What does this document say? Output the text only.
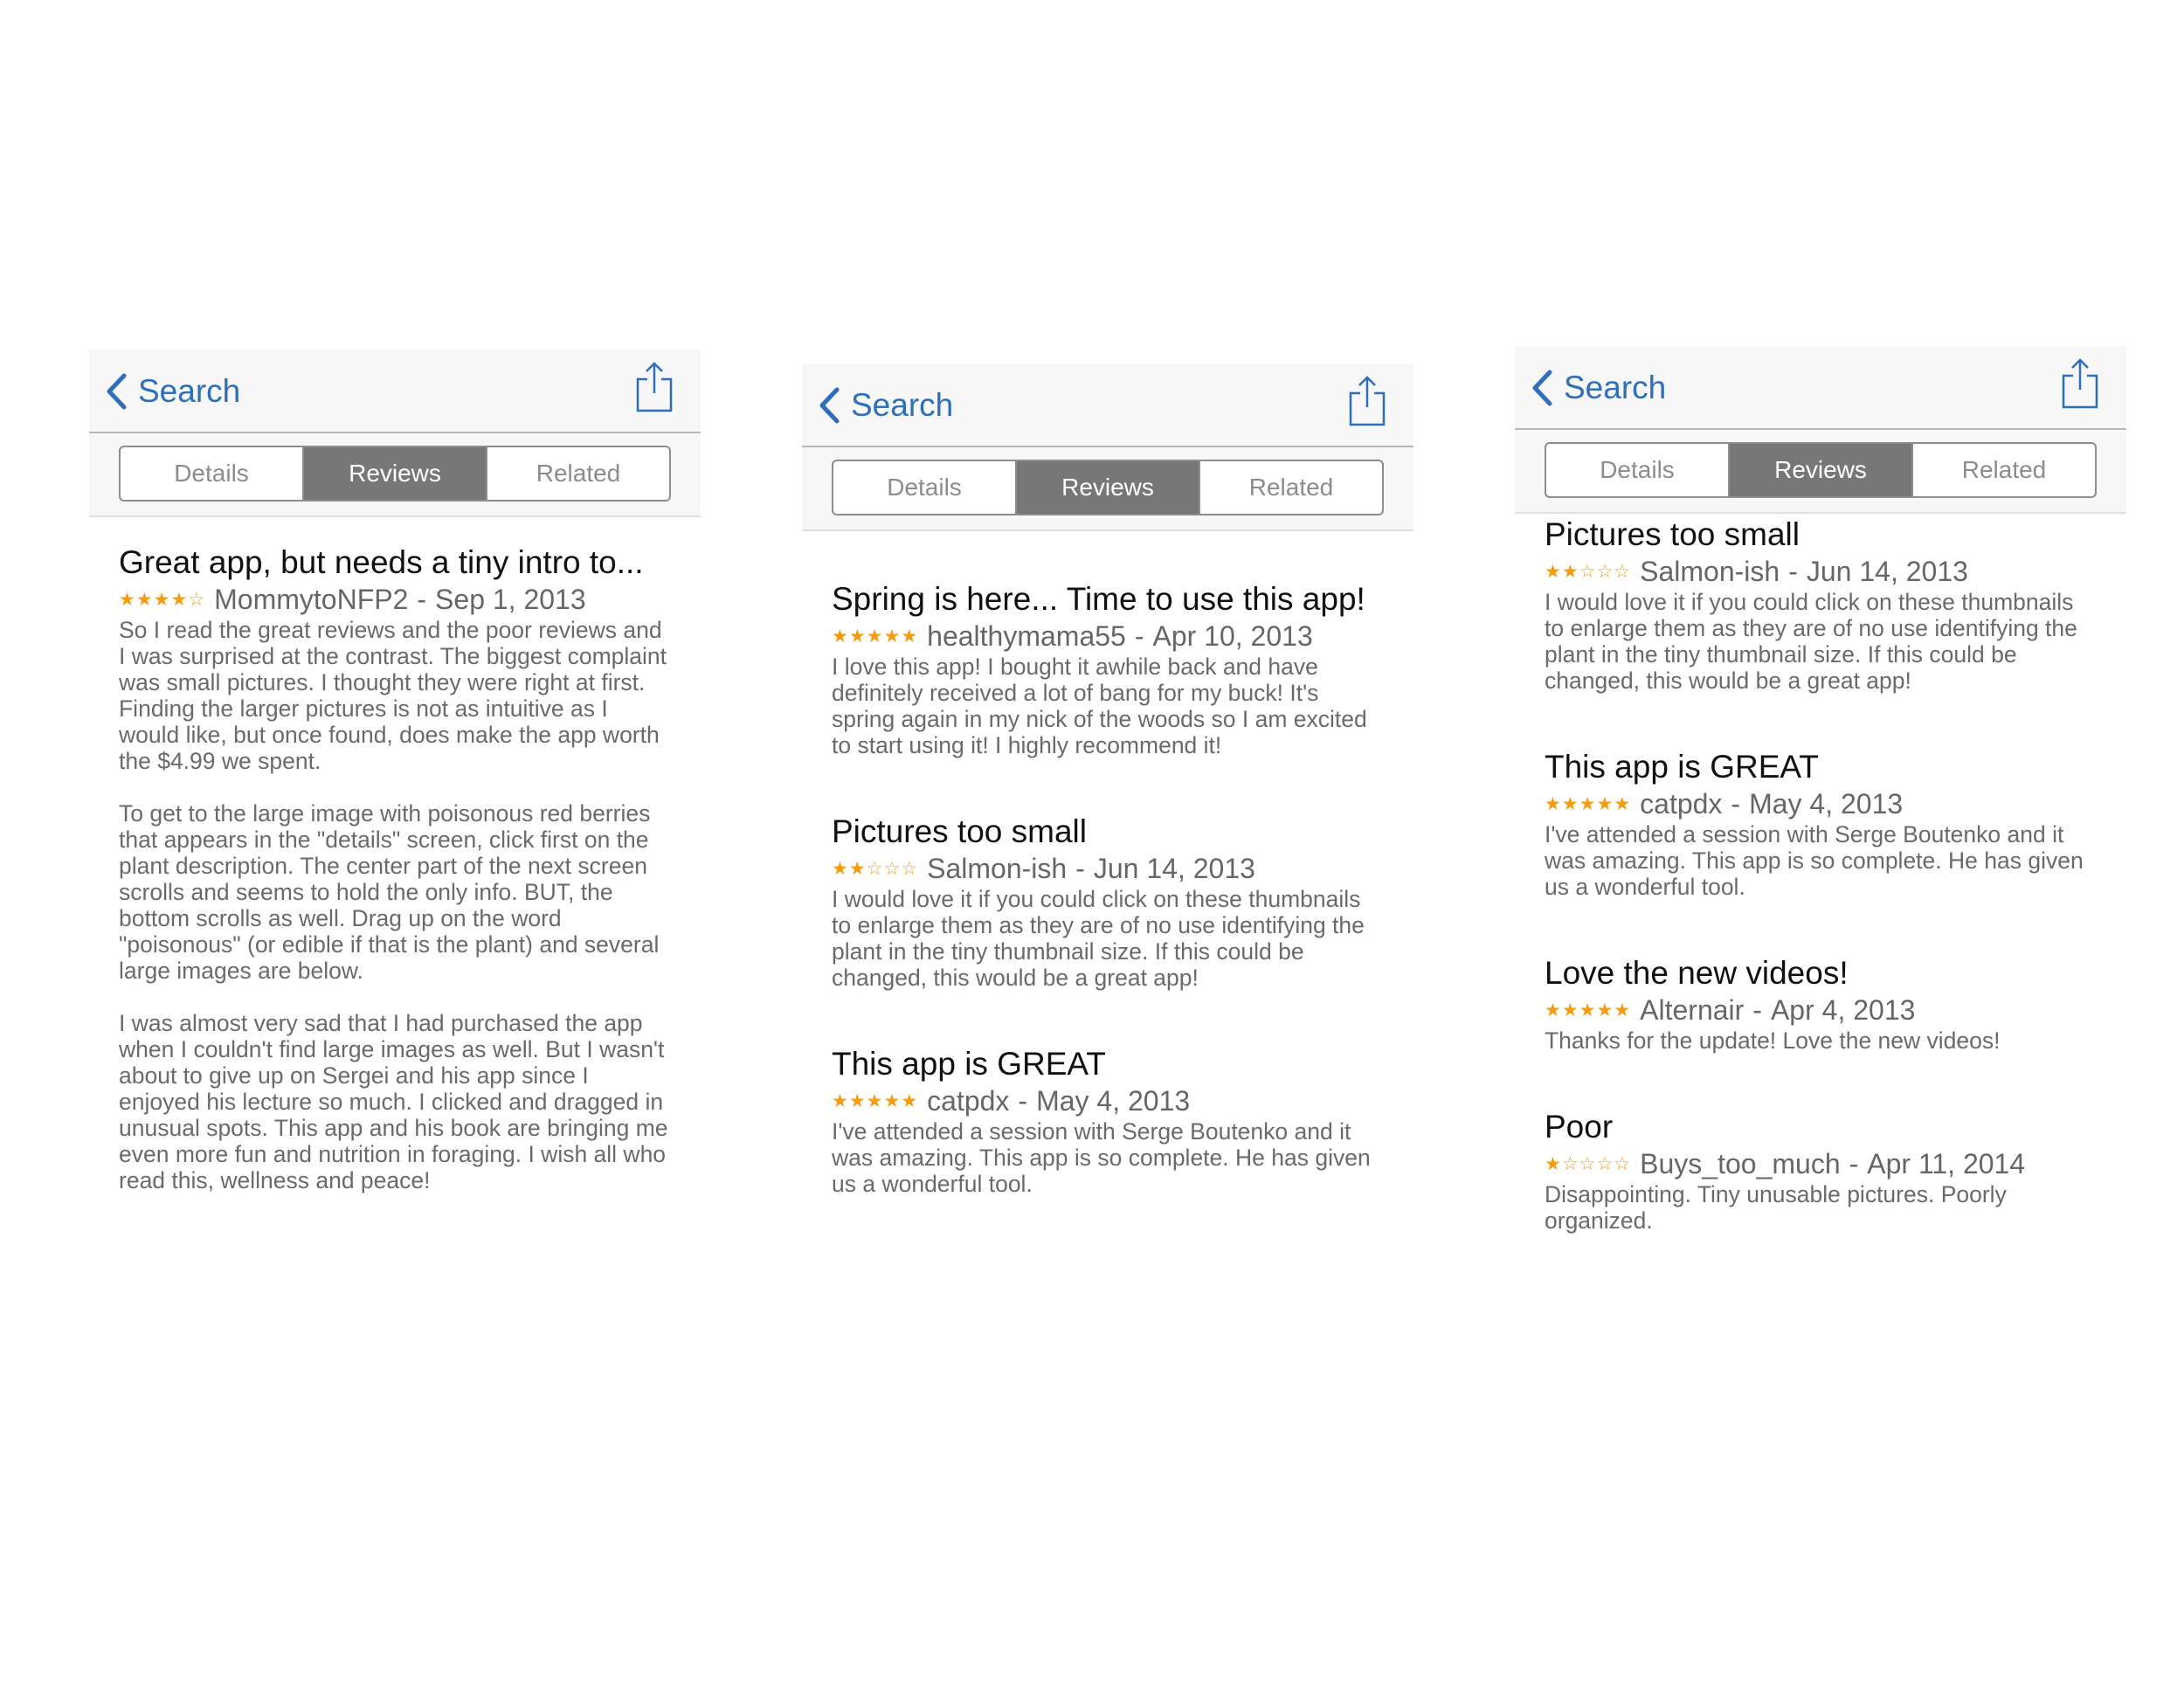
Search
Details	Reviews	Related
Great app, but needs a tiny intro to...
★★★★☆ MommytoNFP2 - Sep 1, 2013

So I read the great reviews and the poor reviews and I was surprised at the contrast. The biggest complaint was small pictures. I thought they were right at first. Finding the larger pictures is not as intuitive as I would like, but once found, does make the app worth the $4.99 we spent.

To get to the large image with poisonous red berries that appears in the "details" screen, click first on the plant description. The center part of the next screen scrolls and seems to hold the only info. BUT, the bottom scrolls as well. Drag up on the word "poisonous" (or edible if that is the plant) and several large images are below.

I was almost very sad that I had purchased the app when I couldn't find large images as well. But I wasn't about to give up on Sergei and his app since I enjoyed his lecture so much. I clicked and dragged in unusual spots. This app and his book are bringing me even more fun and nutrition in foraging. I wish all who read this, wellness and peace!

Search
Details	Reviews	Related
Spring is here... Time to use this app!
★★★★★ healthymama55 - Apr 10, 2013

I love this app! I bought it awhile back and have definitely received a lot of bang for my buck! It's spring again in my nick of the woods so I am excited to start using it! I highly recommend it!

Pictures too small
★★☆☆☆ Salmon-ish - Jun 14, 2013

I would love it if you could click on these thumbnails to enlarge them as they are of no use identifying the plant in the tiny thumbnail size. If this could be changed, this would be a great app!

This app is GREAT
★★★★★ catpdx - May 4, 2013

I've attended a session with Serge Boutenko and it was amazing. This app is so complete. He has given us a wonderful tool.

Search
Details	Reviews	Related
Pictures too small
★★☆☆☆ Salmon-ish - Jun 14, 2013

I would love it if you could click on these thumbnails to enlarge them as they are of no use identifying the plant in the tiny thumbnail size. If this could be changed, this would be a great app!

This app is GREAT
★★★★★ catpdx - May 4, 2013

I've attended a session with Serge Boutenko and it was amazing. This app is so complete. He has given us a wonderful tool.

Love the new videos!
★★★★★ Alternair - Apr 4, 2013

Thanks for the update! Love the new videos!

Poor
★☆☆☆☆ Buys_too_much - Apr 11, 2014

Disappointing. Tiny unusable pictures. Poorly organized.
